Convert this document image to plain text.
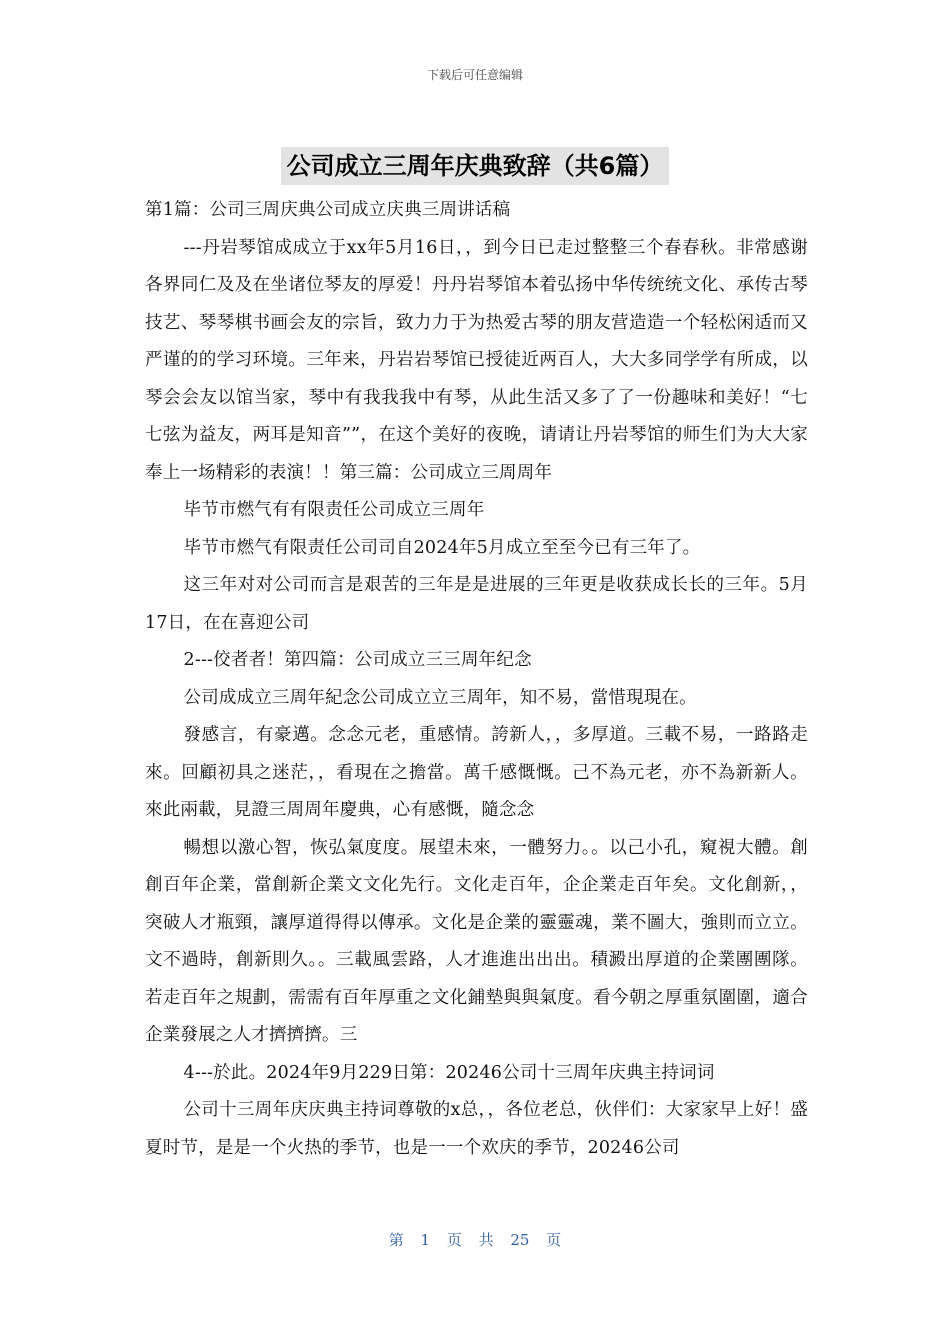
下载后可任意编辑
公司成立三周年庆典致辞（共6篇）

第1篇：公司三周庆典公司成立庆典三周讲话稿

---丹岩琴馆成成立于xx年5月16日，，到今日已走过整整三个春春秋。非常感谢各界同仁及及在坐诸位琴友的厚爱！丹丹岩琴馆本着弘扬中华传统统文化、承传古琴技艺、琴琴棋书画会友的宗旨，致力力于为热爱古琴的朋友营造造一个轻松闲适而又严谨的的学习环境。三年来，丹岩岩琴馆已授徒近两百人，大大多同学学有所成，以琴会会友以馆当家，琴中有我我我中有琴，从此生活又多了了一份趣味和美好！“七七弦为益友，两耳是知音””，在这个美好的夜晚，请请让丹岩琴馆的师生们为大大家奉上一场精彩的表演！！第三篇：公司成立三周周年

毕节市燃气有有限责任公司成立三周年

毕节市燃气有限责任公司司自2024年5月成立至至今已有三年了。

这三年对对公司而言是艰苦的三年是是进展的三年更是收获成长长的三年。5月17日，在在喜迎公司

2---佼者者！第四篇：公司成立三三周年纪念

公司成成立三周年紀念公司成立立三周年，知不易，當惜現現在。

發感言，有豪邁。念念元老，重感情。誇新人，，多厚道。三載不易，一路路走來。回顧初具之迷茫，，看現在之擔當。萬千感慨慨。己不為元老，亦不為新新人。來此兩載，見證三周周年慶典，心有感慨，隨念念

暢想以激心智，恢弘氣度度。展望未來，一體努力。。以己小孔，窺視大體。創創百年企業，當創新企業文文化先行。文化走百年，企企業走百年矣。文化創新，，突破人才瓶頸，讓厚道得得以傳承。文化是企業的靈靈魂，業不圖大，強則而立立。文不過時，創新則久。。三載風雲路，人才進進出出出。積澱出厚道的企業團團隊。若走百年之規劃，需需有百年厚重之文化鋪墊與與氣度。看今朝之厚重氛圍圍，適合企業發展之人才擠擠擠。三

4---於此。2024年9月229日第：20246公司十三周年庆典主持词词

公司十三周年庆庆典主持词尊敬的x总，，各位老总，伙伴们：大家家早上好！盛夏时节，是是一个火热的季节，也是一一个欢庆的季节，20246公司

第 1 页 共 25 页
